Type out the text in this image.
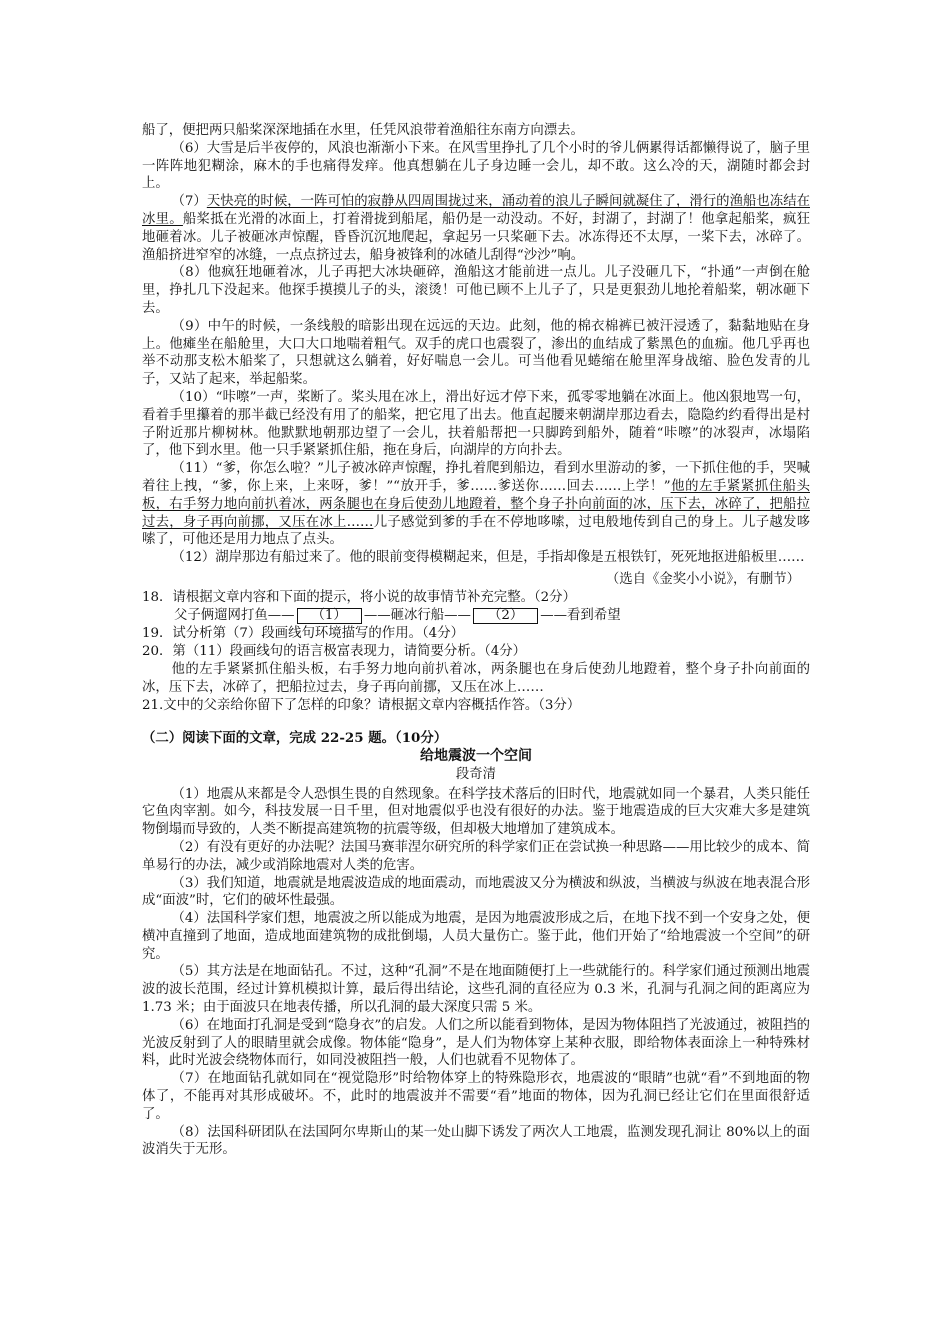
船了，便把两只船桨深深地插在水里，任凭风浪带着渔船往东南方向漂去。

（6）大雪是后半夜停的，风浪也渐渐小下来。在风雪里挣扎了几个小时的爷儿俩累得话都懒得说了，脑子里一阵阵地犯糊涂，麻木的手也痛得发痒。他真想躺在儿子身边睡一会儿，却不敢。这么冷的天，湖随时都会封上。

（7）天快亮的时候，一阵可怕的寂静从四周围拢过来，涌动着的浪儿子瞬间就凝住了，滑行的渔船也冻结在冰里。船桨抵在光滑的冰面上，打着滑拢到船尾，船仍是一动没动。不好，封湖了，封湖了！他拿起船桨，疯狂地砸着冰。儿子被砸冰声惊醒，昏昏沉沉地爬起，拿起另一只桨砸下去。冰冻得还不太厚，一桨下去，冰碎了。渔船挤进窄窄的冰缝，一点点挤过去，船身被锋利的冰碴儿刮得“沙沙”响。

（8）他疯狂地砸着冰，儿子再把大冰块砸碎，渔船这才能前进一点儿。儿子没砸几下，“扑通”一声倒在舱里，挣扎几下没起来。他探手摸摸儿子的头，滚烫！可他已顾不上儿子了，只是更狠劲儿地抡着船桨，朝冰砸下去。

（9）中午的时候，一条线般的暗影出现在远远的天边。此刻，他的棉衣棉裤已被汗浸透了，黏黏地贴在身上。他瘫坐在船舱里，大口大口地喘着粗气。双手的虎口也震裂了，渗出的血结成了紫黑色的血痂。他几乎再也举不动那支松木船桨了，只想就这么躺着，好好喘息一会儿。可当他看见蜷缩在舱里浑身战缩、脸色发青的儿子，又站了起来，举起船桨。

（10）“咔嚓”一声，桨断了。桨头甩在冰上，滑出好远才停下来，孤零零地躺在冰面上。他凶狠地骂一句，看着手里攥着的那半截已经没有用了的船桨，把它甩了出去。他直起腰来朝湖岸那边看去，隐隐约约看得出是村子附近那片柳树林。他默默地朝那边望了一会儿，扶着船帮把一只脚跨到船外，随着“咔嚓”的冰裂声，冰塌陷了，他下到水里。他一只手紧紧抓住船，拖在身后，向湖岸的方向扑去。

（11）“爹，你怎么啦？”儿子被冰碎声惊醒，挣扎着爬到船边，看到水里游动的爹，一下抓住他的手，哭喊着往上拽，“爹，你上来，上来呀，爹！”“放开手，爹……爹送你……回去……上学！”他的左手紧紧抓住船头板，右手努力地向前扒着冰，两条腿也在身后使劲儿地蹬着，整个身子扑向前面的冰，压下去，冰碎了，把船拉过去，身子再向前挪，又压在冰上……儿子感觉到爹的手在不停地哆嗦，过电般地传到自己的身上。儿子越发哆嗦了，可他还是用力地点了点头。

（12）湖岸那边有船过来了。他的眼前变得模糊起来，但是，手指却像是五根铁钉，死死地抠进船板里……

（选自《金奖小小说》，有删节）

18．请根据文章内容和下面的提示，将小说的故事情节补充完整。（2分）

父子俩遛网打鱼—— （1） ——砸冰行船—— （2） ——看到希望

19．试分析第（7）段画线句环境描写的作用。（4分）

20．第（11）段画线句的语言极富表现力，请简要分析。（4分）

他的左手紧紧抓住船头板，右手努力地向前扒着冰，两条腿也在身后使劲儿地蹬着，整个身子扑向前面的冰，压下去，冰碎了，把船拉过去，身子再向前挪，又压在冰上……

21.文中的父亲给你留下了怎样的印象？请根据文章内容概括作答。（3分）

（二）阅读下面的文章，完成 22-25 题。（10分）

给地震波一个空间

段奇清

（1）地震从来都是令人恐惧生畏的自然现象。在科学技术落后的旧时代，地震就如同一个暴君，人类只能任它鱼肉宰割。如今，科技发展一日千里，但对地震似乎也没有很好的办法。鉴于地震造成的巨大灾难大多是建筑物倒塌而导致的，人类不断提高建筑物的抗震等级，但却极大地增加了建筑成本。

（2）有没有更好的办法呢？法国马赛菲涅尔研究所的科学家们正在尝试换一种思路——用比较少的成本、简单易行的办法，减少或消除地震对人类的危害。

（3）我们知道，地震就是地震波造成的地面震动，而地震波又分为横波和纵波，当横波与纵波在地表混合形成“面波”时，它们的破坏性最强。

（4）法国科学家们想，地震波之所以能成为地震，是因为地震波形成之后，在地下找不到一个安身之处，便横冲直撞到了地面，造成地面建筑物的成批倒塌，人员大量伤亡。鉴于此，他们开始了“给地震波一个空间”的研究。

（5）其方法是在地面钻孔。不过，这种“孔洞”不是在地面随便打上一些就能行的。科学家们通过预测出地震波的波长范围，经过计算机模拟计算，最后得出结论，这些孔洞的直径应为 0.3 米，孔洞与孔洞之间的距离应为 1.73 米；由于面波只在地表传播，所以孔洞的最大深度只需 5 米。

（6）在地面打孔洞是受到“隐身衣”的启发。人们之所以能看到物体，是因为物体阻挡了光波通过，被阻挡的光波反射到了人的眼睛里就会成像。物体能“隐身”，是人们为物体穿上某种衣服，即给物体表面涂上一种特殊材料，此时光波会绕物体而行，如同没被阻挡一般，人们也就看不见物体了。

（7）在地面钻孔就如同在“视觉隐形”时给物体穿上的特殊隐形衣，地震波的“眼睛”也就“看”不到地面的物体了，不能再对其形成破坏。不，此时的地震波并不需要“看”地面的物体，因为孔洞已经让它们在里面很舒适了。

（8）法国科研团队在法国阿尔卑斯山的某一处山脚下诱发了两次人工地震，监测发现孔洞让 80%以上的面波消失于无形。
